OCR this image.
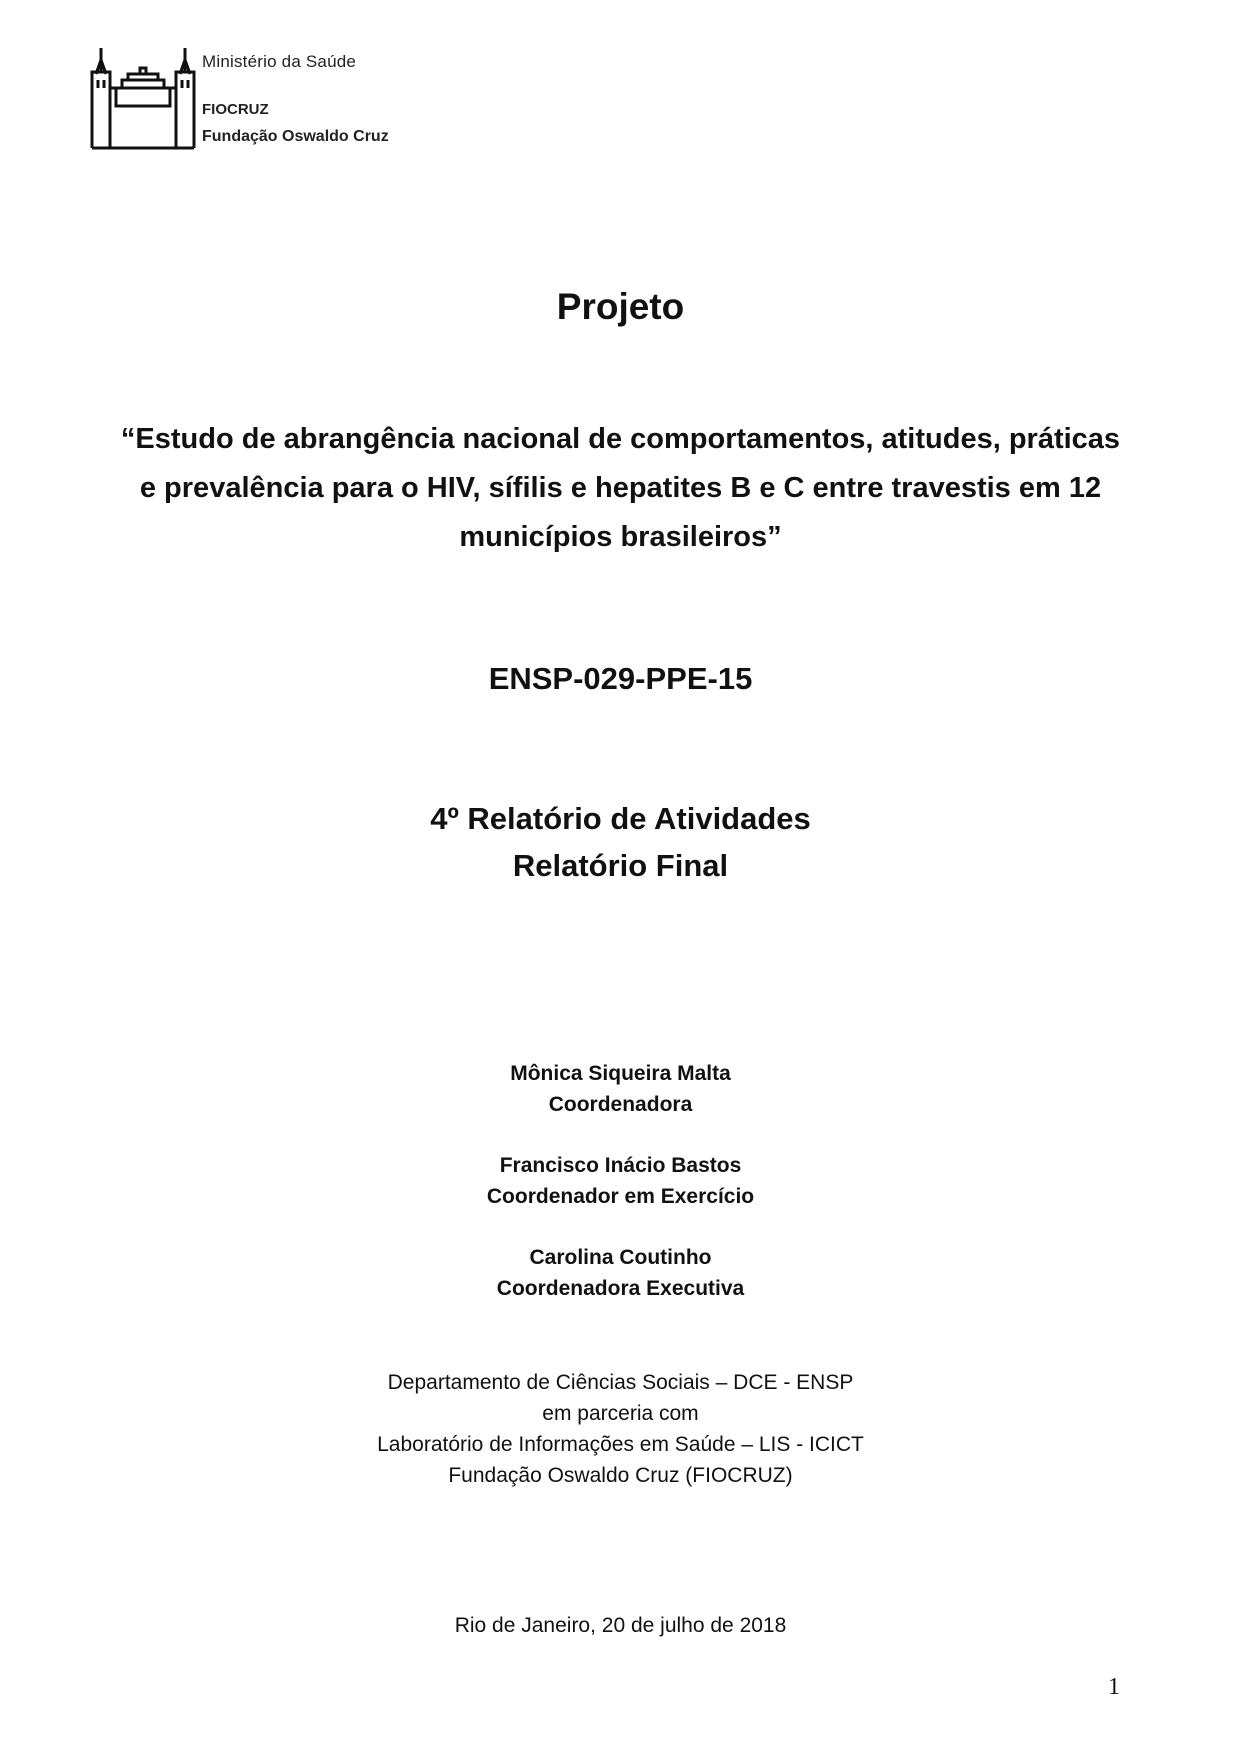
Ministério da Saúde
FIOCRUZ
Fundação Oswaldo Cruz
Projeto
“Estudo de abrangência nacional de comportamentos, atitudes, práticas
e prevalência para o HIV, sífilis e hepatites B e C entre travestis em 12
municípios brasileiros”
ENSP-029-PPE-15
4º Relatório de Atividades
Relatório Final
Mônica Siqueira Malta
Coordenadora
Francisco Inácio Bastos
Coordenador em Exercício
Carolina Coutinho
Coordenadora Executiva
Departamento de Ciências Sociais – DCE - ENSP
em parceria com
Laboratório de Informações em Saúde – LIS - ICICT
Fundação Oswaldo Cruz (FIOCRUZ)
Rio de Janeiro, 20 de julho de 2018
1
